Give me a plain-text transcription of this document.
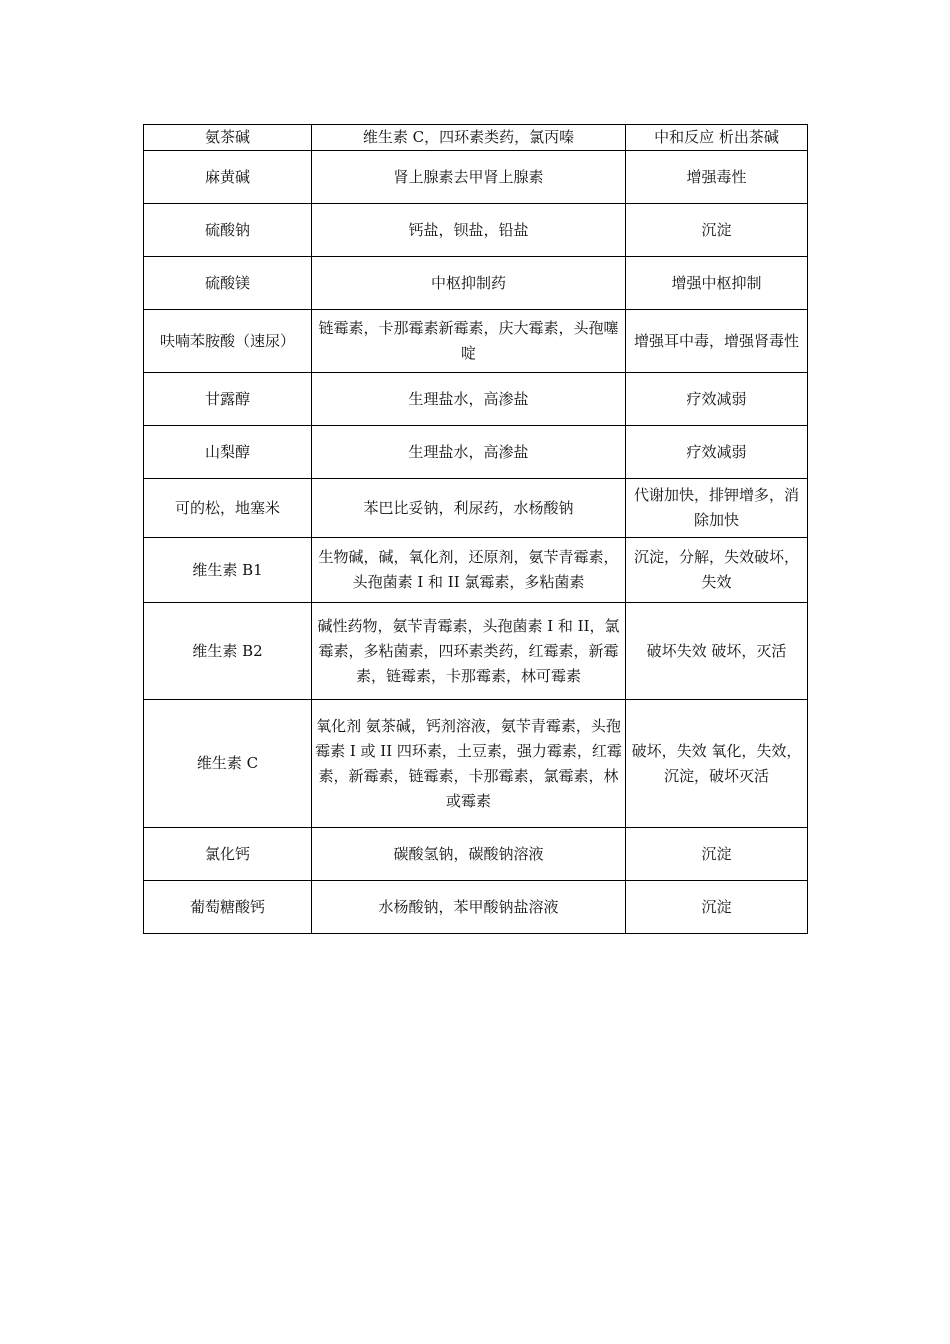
氨茶碱	维生素 C，四环素类药，氯丙嗪	中和反应 析出茶碱
麻黄碱	肾上腺素去甲肾上腺素	增强毒性
硫酸钠	钙盐，钡盐，铅盐	沉淀
硫酸镁	中枢抑制药	增强中枢抑制
呋喃苯胺酸（速尿）	链霉素，卡那霉素新霉素，庆大霉素，头孢噻啶	增强耳中毒，增强肾毒性
甘露醇	生理盐水，高渗盐	疗效减弱
山梨醇	生理盐水，高渗盐	疗效减弱
可的松，地塞米	苯巴比妥钠，利尿药，水杨酸钠	代谢加快，排钾增多，消除加快
维生素 B1	生物碱，碱，氧化剂，还原剂，氨苄青霉素，头孢菌素 I 和 II 氯霉素，多粘菌素	沉淀，分解，失效破坏，失效
维生素 B2	碱性药物，氨苄青霉素，头孢菌素 I 和 II，氯霉素，多粘菌素，四环素类药，红霉素，新霉素，链霉素，卡那霉素，林可霉素	破坏失效 破坏，灭活
维生素 C	氧化剂 氨茶碱，钙剂溶液，氨苄青霉素，头孢霉素 I 或 II 四环素，土豆素，强力霉素，红霉素，新霉素，链霉素，卡那霉素，氯霉素，林或霉素	破坏，失效 氧化，失效，沉淀，破坏灭活
氯化钙	碳酸氢钠，碳酸钠溶液	沉淀
葡萄糖酸钙	水杨酸钠，苯甲酸钠盐溶液	沉淀
